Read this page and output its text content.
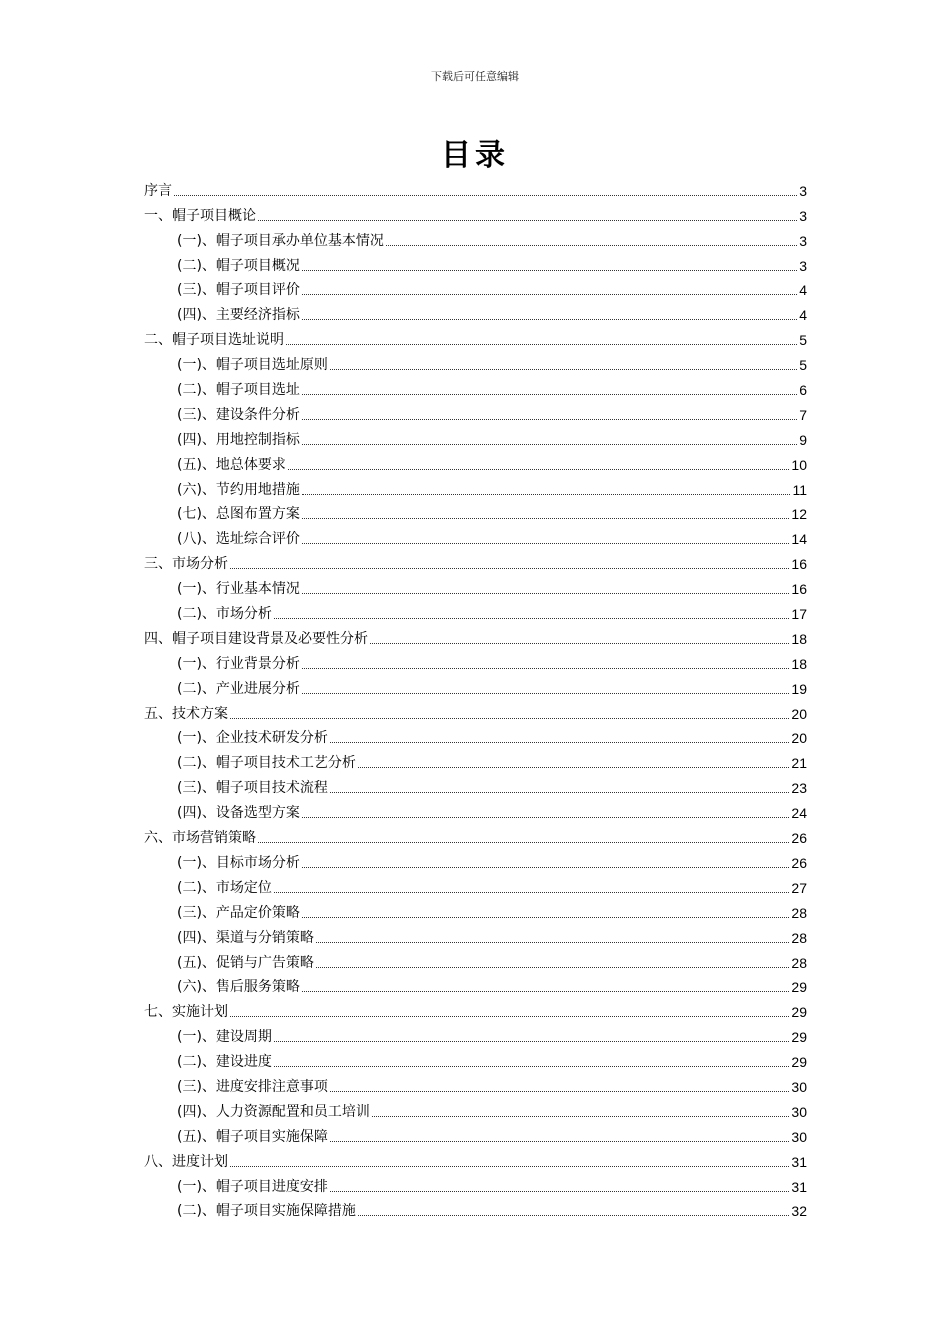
下载后可任意编辑
目录
序言	3
一、帽子项目概论	3
(一)、帽子项目承办单位基本情况	3
(二)、帽子项目概况	3
(三)、帽子项目评价	4
(四)、主要经济指标	4
二、帽子项目选址说明	5
(一)、帽子项目选址原则	5
(二)、帽子项目选址	6
(三)、建设条件分析	7
(四)、用地控制指标	9
(五)、地总体要求	10
(六)、节约用地措施	11
(七)、总图布置方案	12
(八)、选址综合评价	14
三、市场分析	16
(一)、行业基本情况	16
(二)、市场分析	17
四、帽子项目建设背景及必要性分析	18
(一)、行业背景分析	18
(二)、产业进展分析	19
五、技术方案	20
(一)、企业技术研发分析	20
(二)、帽子项目技术工艺分析	21
(三)、帽子项目技术流程	23
(四)、设备选型方案	24
六、市场营销策略	26
(一)、目标市场分析	26
(二)、市场定位	27
(三)、产品定价策略	28
(四)、渠道与分销策略	28
(五)、促销与广告策略	28
(六)、售后服务策略	29
七、实施计划	29
(一)、建设周期	29
(二)、建设进度	29
(三)、进度安排注意事项	30
(四)、人力资源配置和员工培训	30
(五)、帽子项目实施保障	30
八、进度计划	31
(一)、帽子项目进度安排	31
(二)、帽子项目实施保障措施	32
